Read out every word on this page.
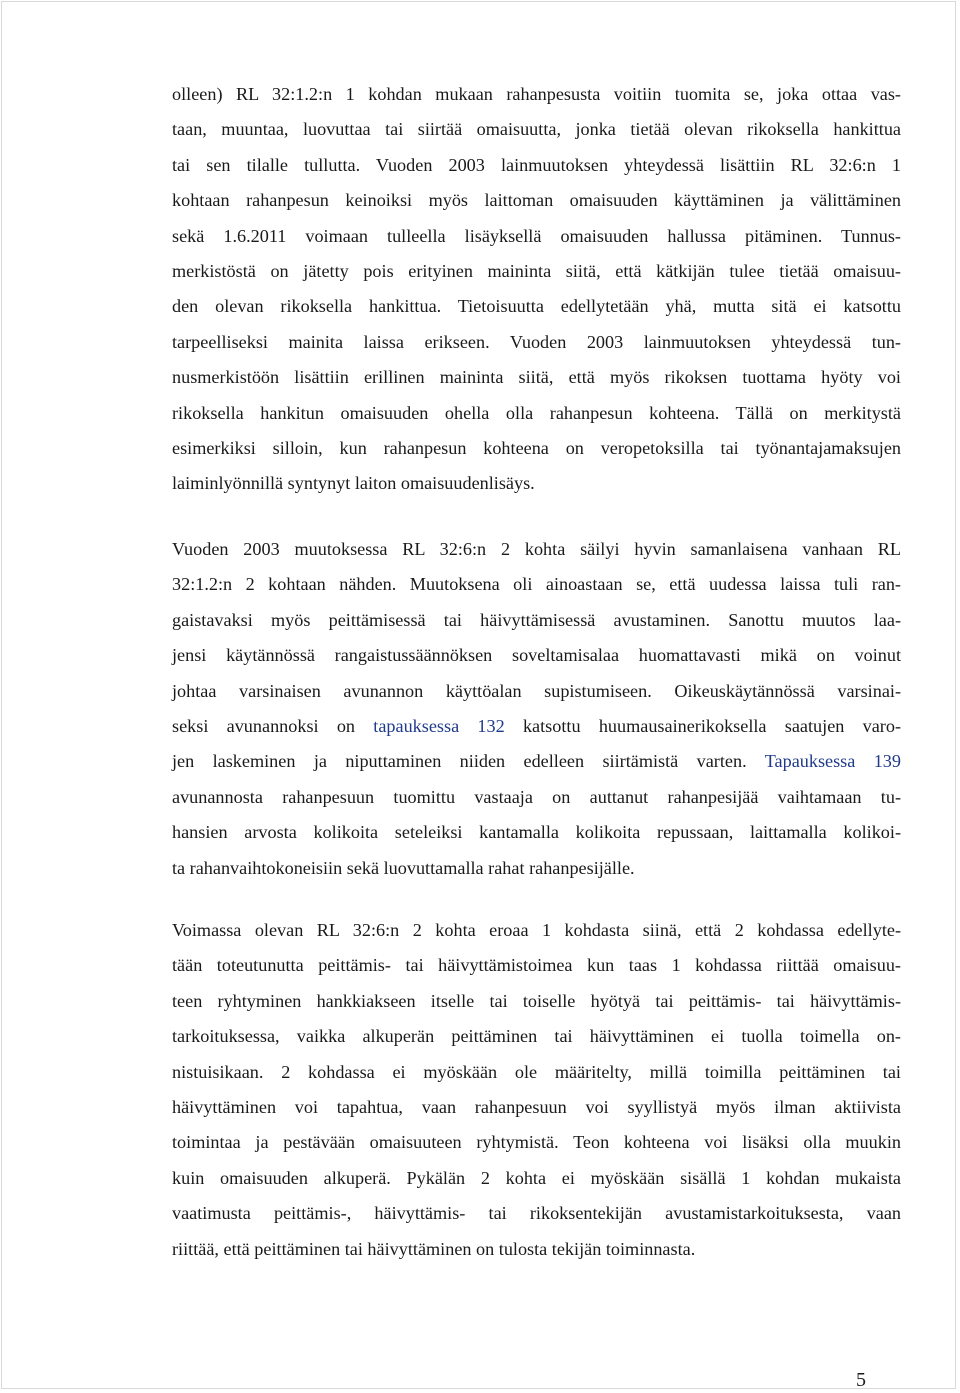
olleen) RL 32:1.2:n 1 kohdan mukaan rahanpesusta voitiin tuomita se, joka ottaa vas-
taan, muuntaa, luovuttaa tai siirtää omaisuutta, jonka tietää olevan rikoksella hankittua
tai sen tilalle tullutta. Vuoden 2003 lainmuutoksen yhteydessä lisättiin RL 32:6:n 1
kohtaan rahanpesun keinoiksi myös laittoman omaisuuden käyttäminen ja välittäminen
sekä 1.6.2011 voimaan tulleella lisäyksellä omaisuuden hallussa pitäminen. Tunnus-
merkistöstä on jätetty pois erityinen maininta siitä, että kätkijän tulee tietää omaisuu-
den olevan rikoksella hankittua. Tietoisuutta edellytetään yhä, mutta sitä ei katsottu
tarpeelliseksi mainita laissa erikseen. Vuoden 2003 lainmuutoksen yhteydessä tun-
nusmerkistöön lisättiin erillinen maininta siitä, että myös rikoksen tuottama hyöty voi
rikoksella hankitun omaisuuden ohella olla rahanpesun kohteena. Tällä on merkitystä
esimerkiksi silloin, kun rahanpesun kohteena on veropetoksilla tai työnantajamaksujen
laiminlyönnillä syntynyt laiton omaisuudenlisäys.
Vuoden 2003 muutoksessa RL 32:6:n 2 kohta säilyi hyvin samanlaisena vanhaan RL
32:1.2:n 2 kohtaan nähden. Muutoksena oli ainoastaan se, että uudessa laissa tuli ran-
gaistavaksi myös peittämisessä tai häivyttämisessä avustaminen. Sanottu muutos laa-
jensi käytännössä rangaistussäännöksen soveltamisalaa huomattavasti mikä on voinut
johtaa varsinaisen avunannon käyttöalan supistumiseen. Oikeuskäytännössä varsinai-
seksi avunannoksi on tapauksessa 132 katsottu huumausainerikoksella saatujen varo-
jen laskeminen ja niputtaminen niiden edelleen siirtämistä varten. Tapauksessa 139
avunannosta rahanpesuun tuomittu vastaaja on auttanut rahanpesijää vaihtamaan tu-
hansien arvosta kolikoita seteleiksi kantamalla kolikoita repussaan, laittamalla kolikoi-
ta rahanvaihtokoneisiin sekä luovuttamalla rahat rahanpesijälle.
Voimassa olevan RL 32:6:n 2 kohta eroaa 1 kohdasta siinä, että 2 kohdassa edellyte-
tään toteutunutta peittämis- tai häivyttämistoimea kun taas 1 kohdassa riittää omaisuu-
teen ryhtyminen hankkiakseen itselle tai toiselle hyötyä tai peittämis- tai häivyttämis-
tarkoituksessa, vaikka alkuperän peittäminen tai häivyttäminen ei tuolla toimella on-
nistuisikaan. 2 kohdassa ei myöskään ole määritelty, millä toimilla peittäminen tai
häivyttäminen voi tapahtua, vaan rahanpesuun voi syyllistyä myös ilman aktiivista
toimintaa ja pestävään omaisuuteen ryhtymistä. Teon kohteena voi lisäksi olla muukin
kuin omaisuuden alkuperä. Pykälän 2 kohta ei myöskään sisällä 1 kohdan mukaista
vaatimusta peittämis-, häivyttämis- tai rikoksentekijän avustamistarkoituksesta, vaan
riittää, että peittäminen tai häivyttäminen on tulosta tekijän toiminnasta.
5
